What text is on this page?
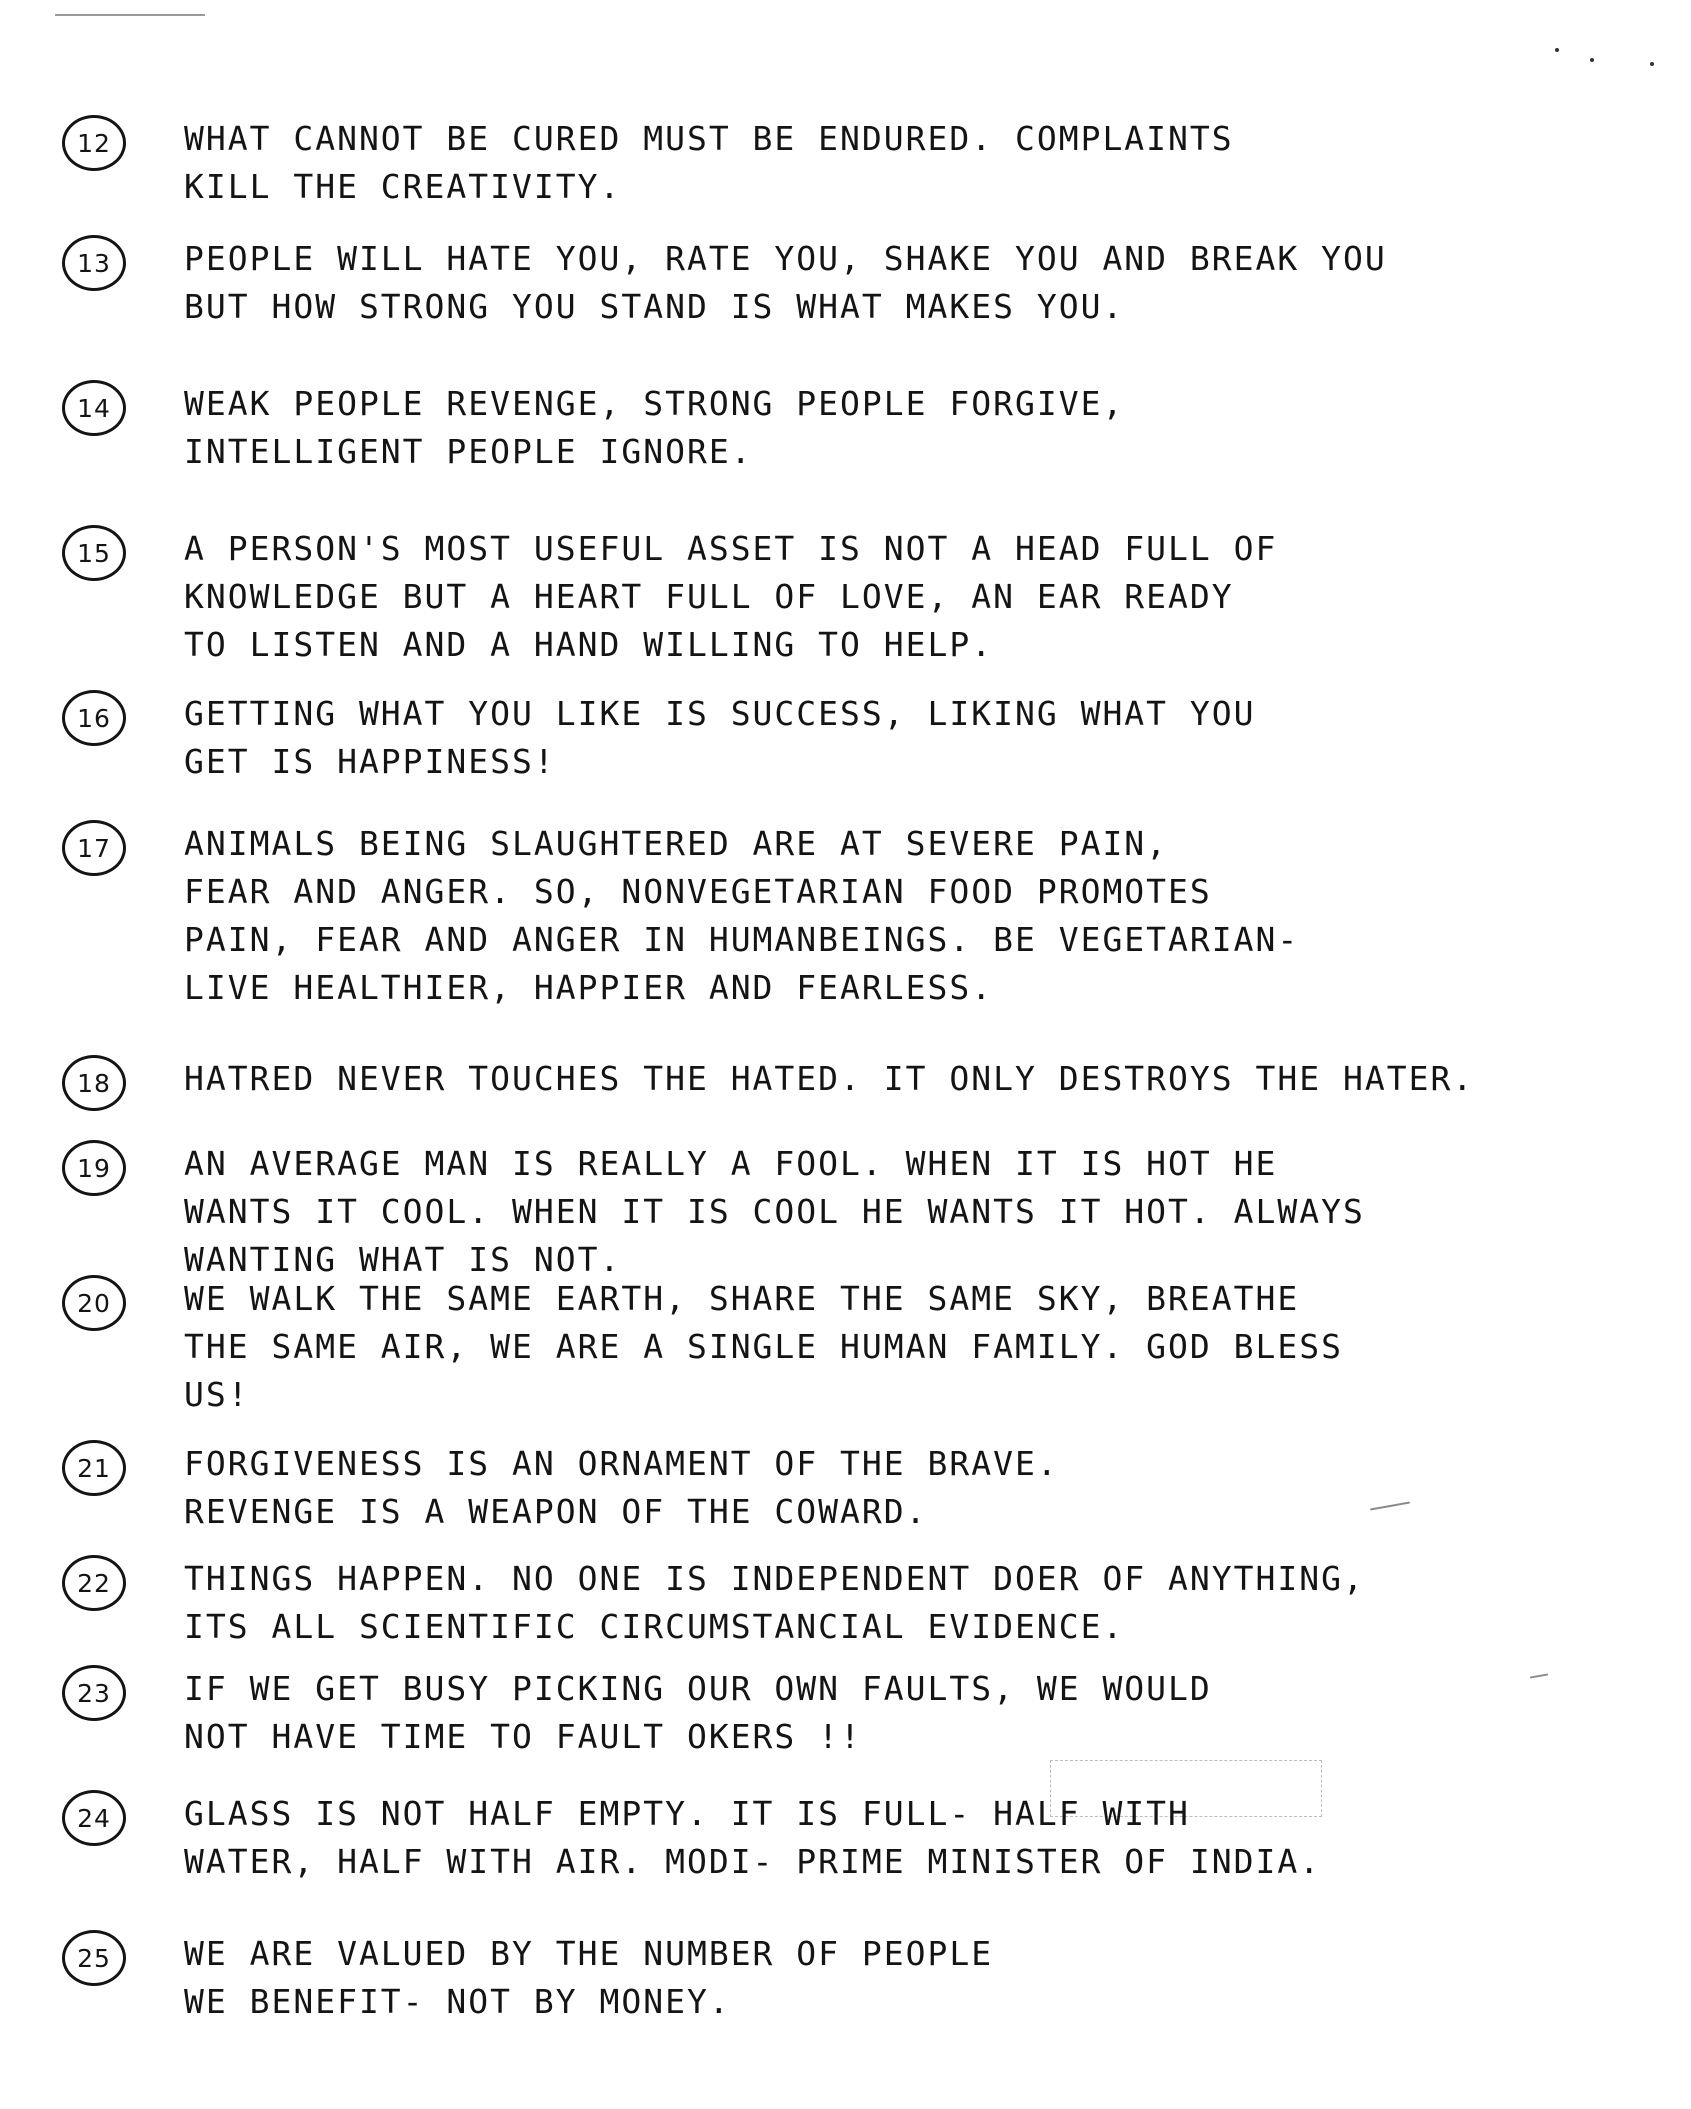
12	WHAT CANNOT BE CURED MUST BE ENDURED. COMPLAINTS
KILL THE CREATIVITY.
13	PEOPLE WILL HATE YOU, RATE YOU, SHAKE YOU AND BREAK YOU
BUT HOW STRONG YOU STAND IS WHAT MAKES YOU.
14	WEAK PEOPLE REVENGE, STRONG PEOPLE FORGIVE,
INTELLIGENT PEOPLE IGNORE.
15	A PERSON'S MOST USEFUL ASSET IS NOT A HEAD FULL OF
KNOWLEDGE BUT A HEART FULL OF LOVE, AN EAR READY
TO LISTEN AND A HAND WILLING TO HELP.
16	GETTING WHAT YOU LIKE IS SUCCESS, LIKING WHAT YOU
GET IS HAPPINESS!
17	ANIMALS BEING SLAUGHTERED ARE AT SEVERE PAIN,
FEAR AND ANGER. SO, NONVEGETARIAN FOOD PROMOTES
PAIN, FEAR AND ANGER IN HUMANBEINGS. BE VEGETARIAN-
LIVE HEALTHIER, HAPPIER AND FEARLESS.
18	HATRED NEVER TOUCHES THE HATED. IT ONLY DESTROYS THE HATER.
19	AN AVERAGE MAN IS REALLY A FOOL. WHEN IT IS HOT HE
WANTS IT COOL. WHEN IT IS COOL HE WANTS IT HOT. ALWAYS
WANTING WHAT IS NOT.
20	WE WALK THE SAME EARTH, SHARE THE SAME SKY, BREATHE
THE SAME AIR, WE ARE A SINGLE HUMAN FAMILY. GOD BLESS
US!
21	FORGIVENESS IS AN ORNAMENT OF THE BRAVE.
REVENGE IS A WEAPON OF THE COWARD.
22	THINGS HAPPEN. NO ONE IS INDEPENDENT DOER OF ANYTHING,
ITS ALL SCIENTIFIC CIRCUMSTANCIAL EVIDENCE.
23	IF WE GET BUSY PICKING OUR OWN FAULTS, WE WOULD
NOT HAVE TIME TO FAULT OKERS !!
24	GLASS IS NOT HALF EMPTY. IT IS FULL- HALF WITH
WATER, HALF WITH AIR. MODI- PRIME MINISTER OF INDIA.
25	WE ARE VALUED BY THE NUMBER OF PEOPLE
WE BENEFIT- NOT BY MONEY.
